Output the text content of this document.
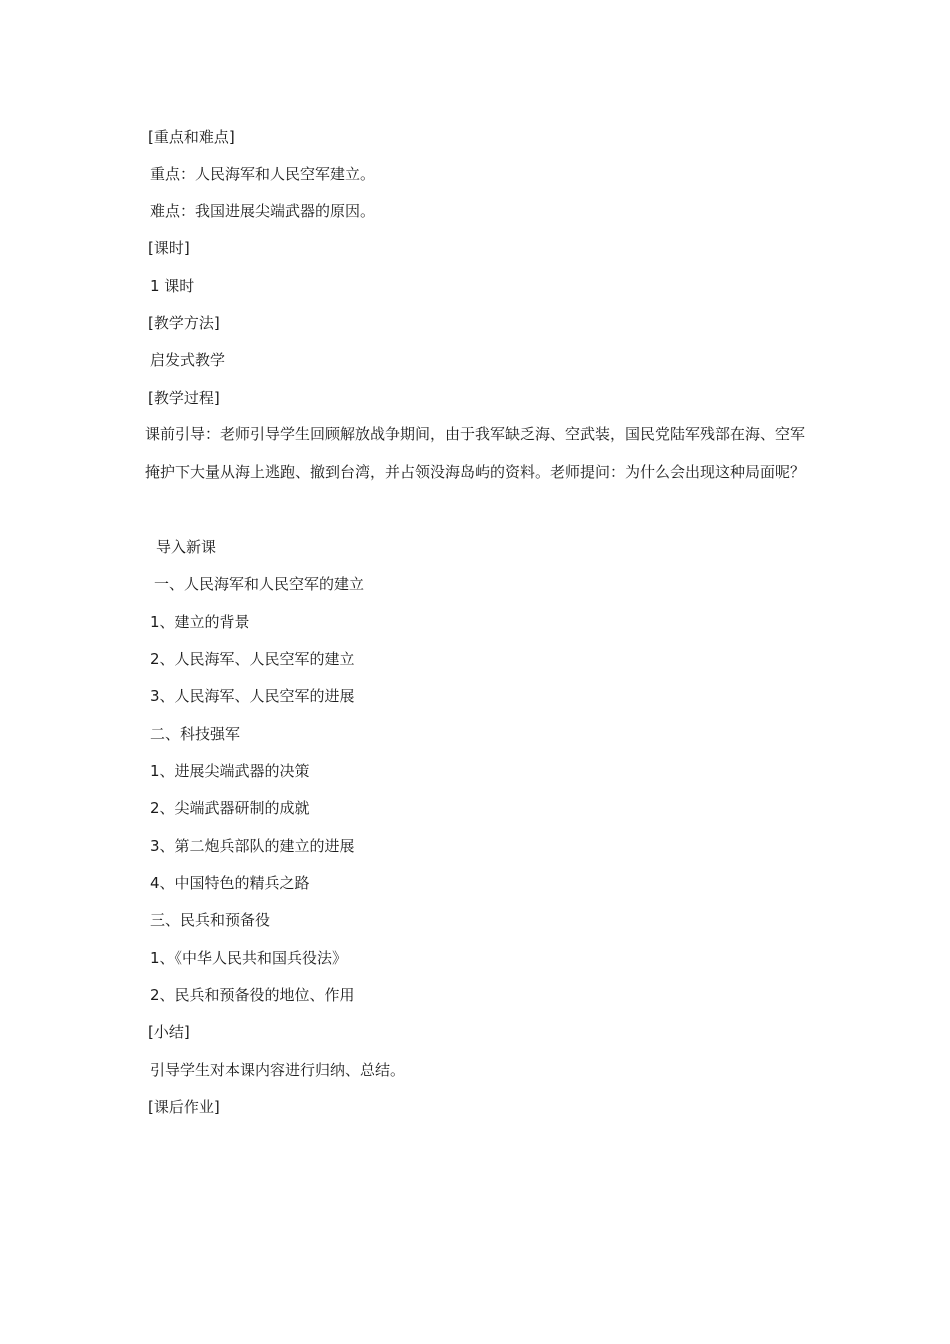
[重点和难点]
重点：人民海军和人民空军建立。
难点：我国进展尖端武器的原因。
[课时]
1 课时
[教学方法]
启发式教学
[教学过程]
课前引导：老师引导学生回顾解放战争期间，由于我军缺乏海、空武装，国民党陆军残部在海、空军掩护下大量从海上逃跑、撤到台湾，并占领没海岛屿的资料。老师提问：为什么会出现这种局面呢？
导入新课
一、人民海军和人民空军的建立
1、建立的背景
2、人民海军、人民空军的建立
3、人民海军、人民空军的进展
二、科技强军
1、进展尖端武器的决策
2、尖端武器研制的成就
3、第二炮兵部队的建立的进展
4、中国特色的精兵之路
三、民兵和预备役
1、《中华人民共和国兵役法》
2、民兵和预备役的地位、作用
[小结]
引导学生对本课内容进行归纳、总结。
[课后作业]
